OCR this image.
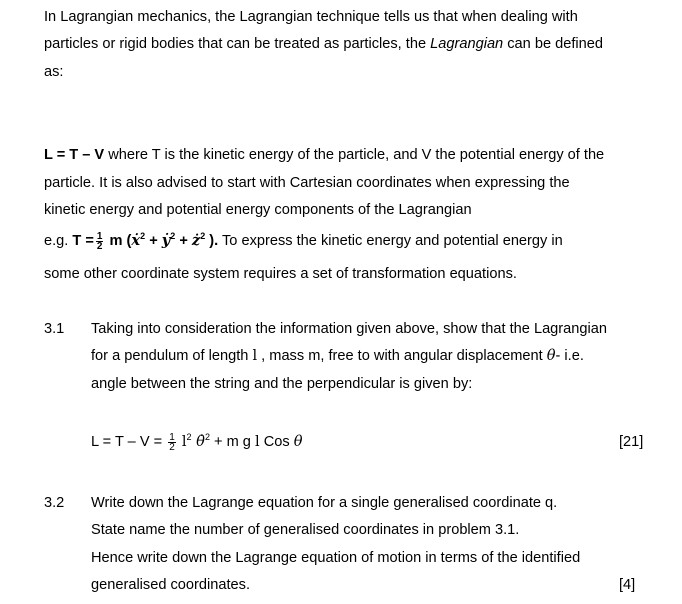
In Lagrangian mechanics, the Lagrangian technique tells us that when dealing with
particles or rigid bodies that can be treated as particles, the Lagrangian can be defined
as:
L = T – V where T is the kinetic energy of the particle, and V the potential energy of the
particle. It is also advised to start with Cartesian coordinates when expressing the
kinetic energy and potential energy components of the Lagrangian
e.g. $T = \frac{1}{2}$ m (ẋ$^2$ + ẏ$^2$ + $ż^2$ ). To express the kinetic energy and potential energy in
some other coordinate system requires a set of transformation equations.
3.1 Taking into consideration the information given above, show that the Lagrangian
for a pendulum of length l , mass m, free to with angular displacement θ- i.e.
angle between the string and the perpendicular is given by:
$L = T - V = \frac{1}{2} l^2$ θ̇$^2$ + m g l Cos θ	[21]
3.2 Write down the Lagrange equation for a single generalised coordinate q.
State name the number of generalised coordinates in problem 3.1.
Hence write down the Lagrange equation of motion in terms of the identified
generalised coordinates.	[4]
